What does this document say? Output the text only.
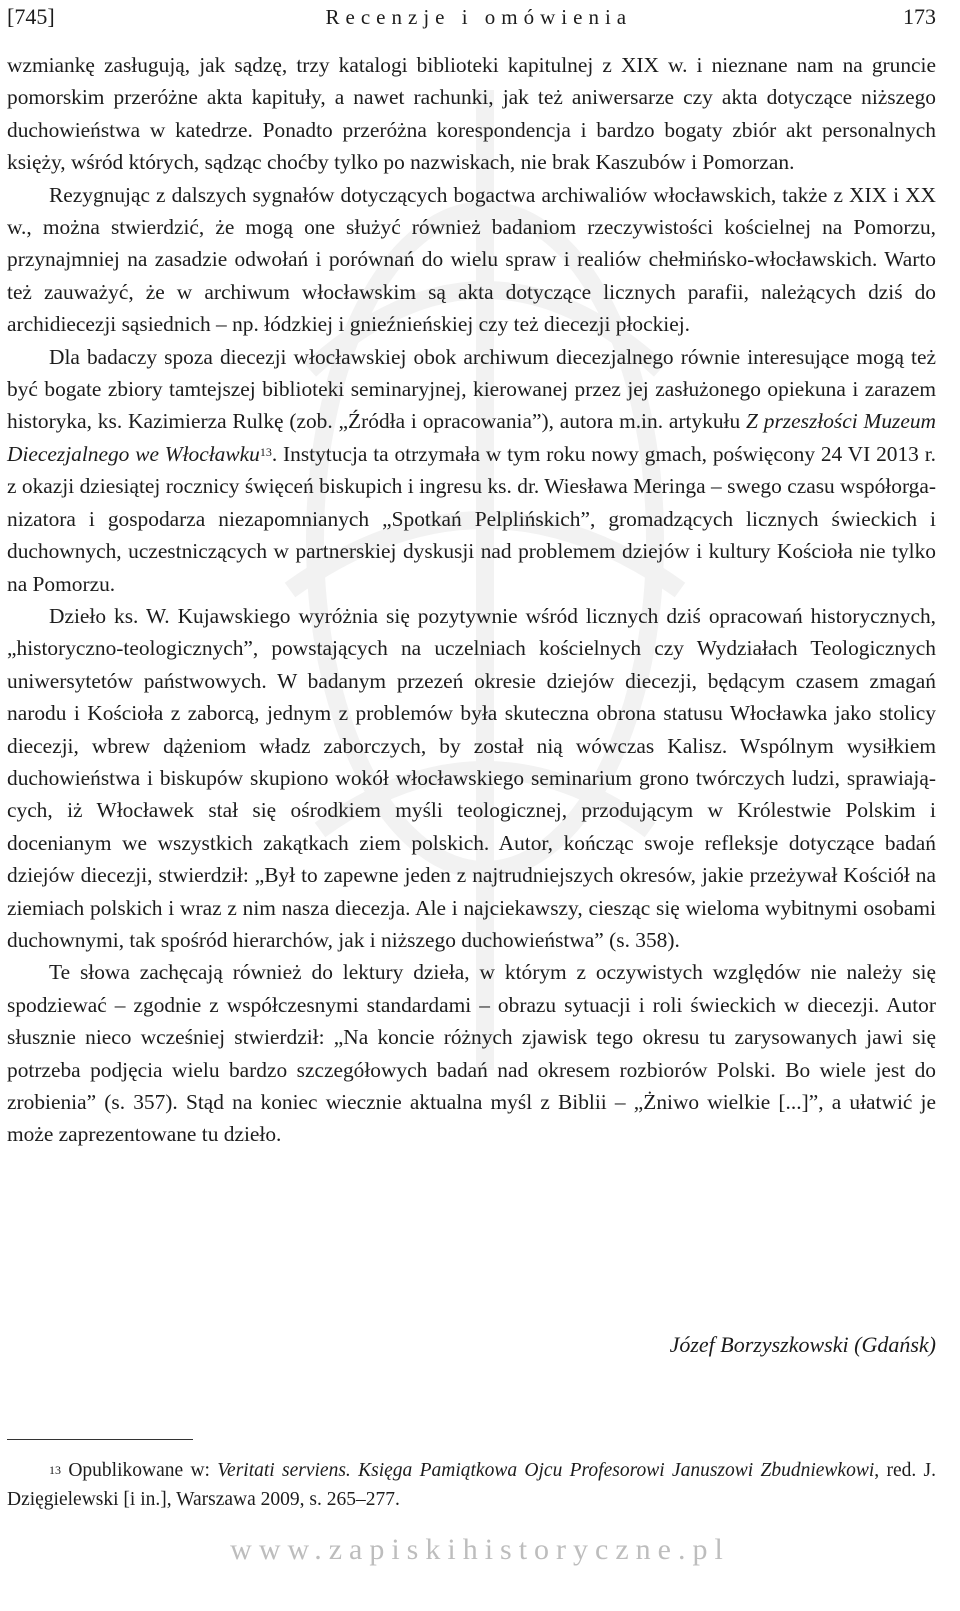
[745]	Recenzje i omówienia	173

wzmiankę zasługują, jak sądzę, trzy katalogi biblioteki kapitulnej z XIX w. i nieznane nam na gruncie pomorskim przeróżne akta kapituły, a nawet rachunki, jak też aniwersarze czy akta dotyczące niższego duchowieństwa w katedrze. Ponadto przeróżna korespondencja i bardzo bogaty zbiór akt personalnych księży, wśród których, sądząc choćby tylko po nazwiskach, nie brak Kaszubów i Pomorzan.

Rezygnując z dalszych sygnałów dotyczących bogactwa archiwaliów włocławskich, także z XIX i XX w., można stwierdzić, że mogą one służyć również badaniom rzeczywistości kościelnej na Pomorzu, przynajmniej na zasadzie odwołań i porównań do wielu spraw i realiów chełmińsko-włocławskich. Warto też zauważyć, że w archiwum włocławskim są akta dotyczące licznych parafii, należących dziś do archidiecezji sąsiednich – np. łódzkiej i gnieźnieńskiej czy też diecezji płockiej.

Dla badaczy spoza diecezji włocławskiej obok archiwum diecezjalnego równie interesujące mogą też być bogate zbiory tamtejszej biblioteki seminaryjnej, kierowanej przez jej zasłużonego opiekuna i zarazem historyka, ks. Kazimierza Rulkę (zob. „Źródła i opracowania”), autora m.in. artykułu Z przeszłości Muzeum Diecezjalnego we Włocławku$^{13}$. Instytucja ta otrzymała w tym roku nowy gmach, poświęcony 24 VI 2013 r. z okazji dziesiątej rocznicy święceń biskupich i ingresu ks. dr. Wiesława Meringa – swego czasu współorganizatora i gospodarza niezapomnianych „Spotkań Pelplińskich”, gromadzących licznych świeckich i duchownych, uczestniczących w partnerskiej dyskusji nad problemem dziejów i kultury Kościoła nie tylko na Pomorzu.

Dzieło ks. W. Kujawskiego wyróżnia się pozytywnie wśród licznych dziś opracowań historycznych, „historyczno-teologicznych”, powstających na uczelniach kościelnych czy Wydziałach Teologicznych uniwersytetów państwowych. W badanym przezeń okresie dziejów diecezji, będącym czasem zmagań narodu i Kościoła z zaborcą, jednym z problemów była skuteczna obrona statusu Włocławka jako stolicy diecezji, wbrew dążeniom władz zaborczych, by został nią wówczas Kalisz. Wspólnym wysiłkiem duchowieństwa i biskupów skupiono wokół włocławskiego seminarium grono twórczych ludzi, sprawiających, iż Włocławek stał się ośrodkiem myśli teologicznej, przodującym w Królestwie Polskim i docenianym we wszystkich zakątkach ziem polskich. Autor, kończąc swoje refleksje dotyczące badań dziejów diecezji, stwierdził: „Był to zapewne jeden z najtrudniejszych okresów, jakie przeżywał Kościół na ziemiach polskich i wraz z nim nasza diecezja. Ale i najciekawszy, ciesząc się wieloma wybitnymi osobami duchownymi, tak spośród hierarchów, jak i niższego duchowieństwa” (s. 358).

Te słowa zachęcają również do lektury dzieła, w którym z oczywistych względów nie należy się spodziewać – zgodnie z współczesnymi standardami – obrazu sytuacji i roli świeckich w diecezji. Autor słusznie nieco wcześniej stwierdził: „Na koncie różnych zjawisk tego okresu tu zarysowanych jawi się potrzeba podjęcia wielu bardzo szczegółowych badań nad okresem rozbiorów Polski. Bo wiele jest do zrobienia” (s. 357). Stąd na koniec wiecznie aktualna myśl z Biblii – „Żniwo wielkie [...]”, a ułatwić je może zaprezentowane tu dzieło.

Józef Borzyszkowski (Gdańsk)

$^{13}$ Opublikowane w: Veritati serviens. Księga Pamiątkowa Ojcu Profesorowi Januszowi Zbudniewkowi, red. J. Dzięgielewski [i in.], Warszawa 2009, s. 265–277.

www.zapiskihistoryczne.pl
